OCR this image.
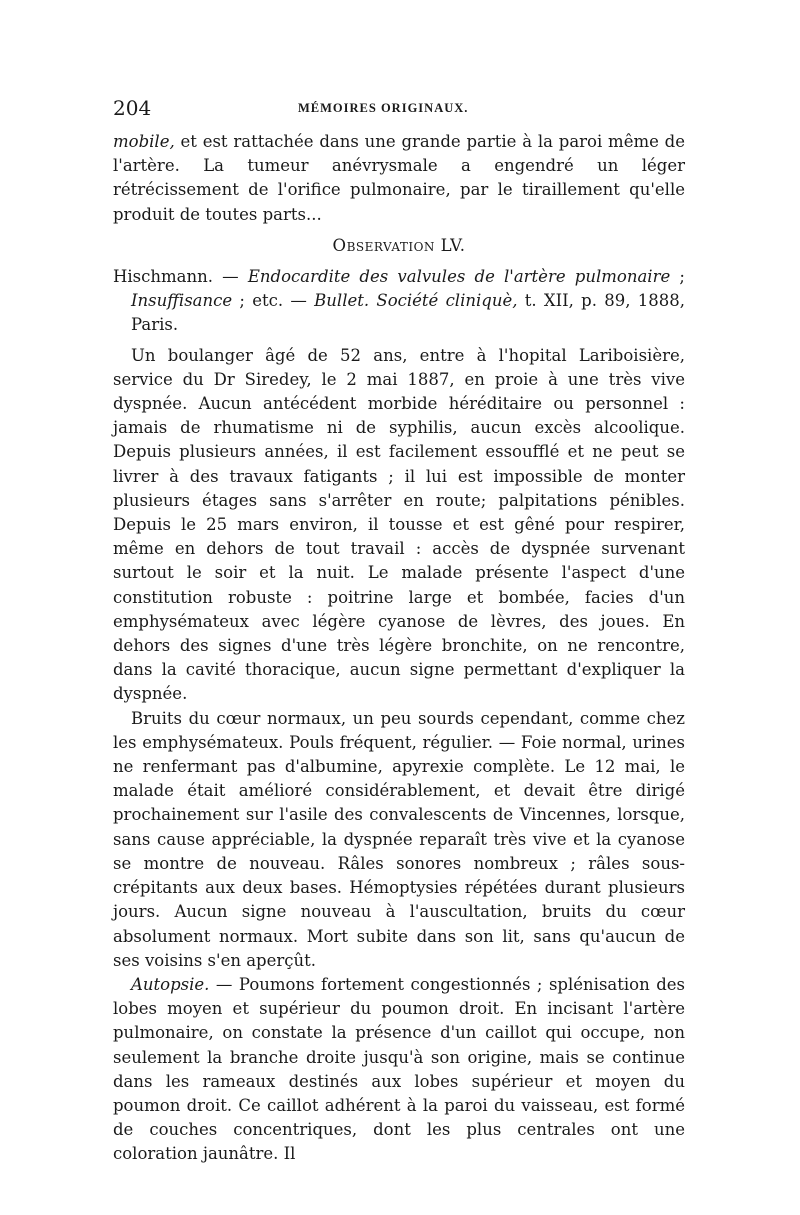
204	MÉMOIRES ORIGINAUX.

mobile, et est rattachée dans une grande partie à la paroi même de l'artère. La tumeur anévrysmale a engendré un léger rétrécissement de l'orifice pulmonaire, par le tiraillement qu'elle produit de toutes parts...

Observation LV.

Hischmann. — Endocardite des valvules de l'artère pulmonaire ; Insuffisance ; etc. — Bullet. Société cliniquè, t. XII, p. 89, 1888, Paris.

Un boulanger âgé de 52 ans, entre à l'hopital Lariboisière, service du Dr Siredey, le 2 mai 1887, en proie à une très vive dyspnée. Aucun antécédent morbide héréditaire ou personnel : jamais de rhumatisme ni de syphilis, aucun excès alcoolique. Depuis plusieurs années, il est facilement essoufflé et ne peut se livrer à des travaux fatigants ; il lui est impossible de monter plusieurs étages sans s'arrêter en route; palpitations pénibles. Depuis le 25 mars environ, il tousse et est gêné pour respirer, même en dehors de tout travail : accès de dyspnée survenant surtout le soir et la nuit. Le malade présente l'aspect d'une constitution robuste : poitrine large et bombée, facies d'un emphysémateux avec légère cyanose de lèvres, des joues. En dehors des signes d'une très légère bronchite, on ne rencontre, dans la cavité thoracique, aucun signe permettant d'expliquer la dyspnée.

Bruits du cœur normaux, un peu sourds cependant, comme chez les emphysémateux. Pouls fréquent, régulier. — Foie normal, urines ne renfermant pas d'albumine, apyrexie complète. Le 12 mai, le malade était amélioré considérablement, et devait être dirigé prochainement sur l'asile des convalescents de Vincennes, lorsque, sans cause appréciable, la dyspnée reparaît très vive et la cyanose se montre de nouveau. Râles sonores nombreux ; râles sous-crépitants aux deux bases. Hémoptysies répétées durant plusieurs jours. Aucun signe nouveau à l'auscultation, bruits du cœur absolument normaux. Mort subite dans son lit, sans qu'aucun de ses voisins s'en aperçût.

Autopsie. — Poumons fortement congestionnés ; splénisation des lobes moyen et supérieur du poumon droit. En incisant l'artère pulmonaire, on constate la présence d'un caillot qui occupe, non seulement la branche droite jusqu'à son origine, mais se continue dans les rameaux destinés aux lobes supérieur et moyen du poumon droit. Ce caillot adhérent à la paroi du vaisseau, est formé de couches concentriques, dont les plus centrales ont une coloration jaunâtre. Il
